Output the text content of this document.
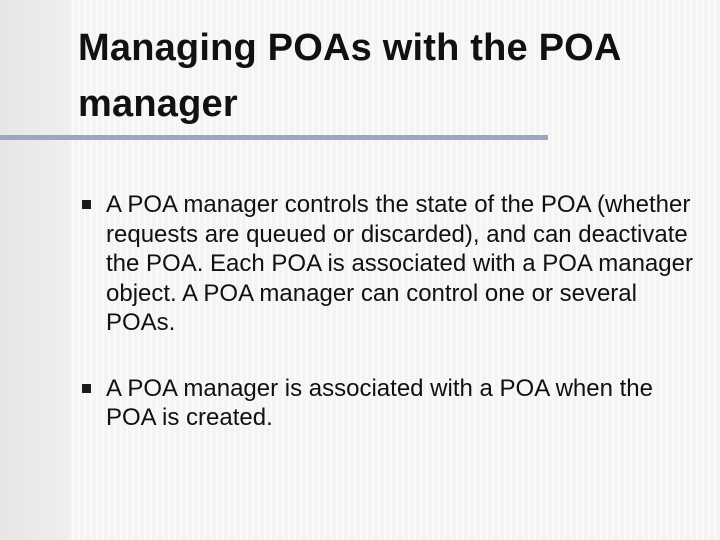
Managing POAs with the POA manager
A POA manager controls the state of the POA (whether requests are queued or discarded), and can deactivate the POA. Each POA is associated with a POA manager object. A POA manager can control one or several POAs.
A POA manager is associated with a POA when the POA is created.
